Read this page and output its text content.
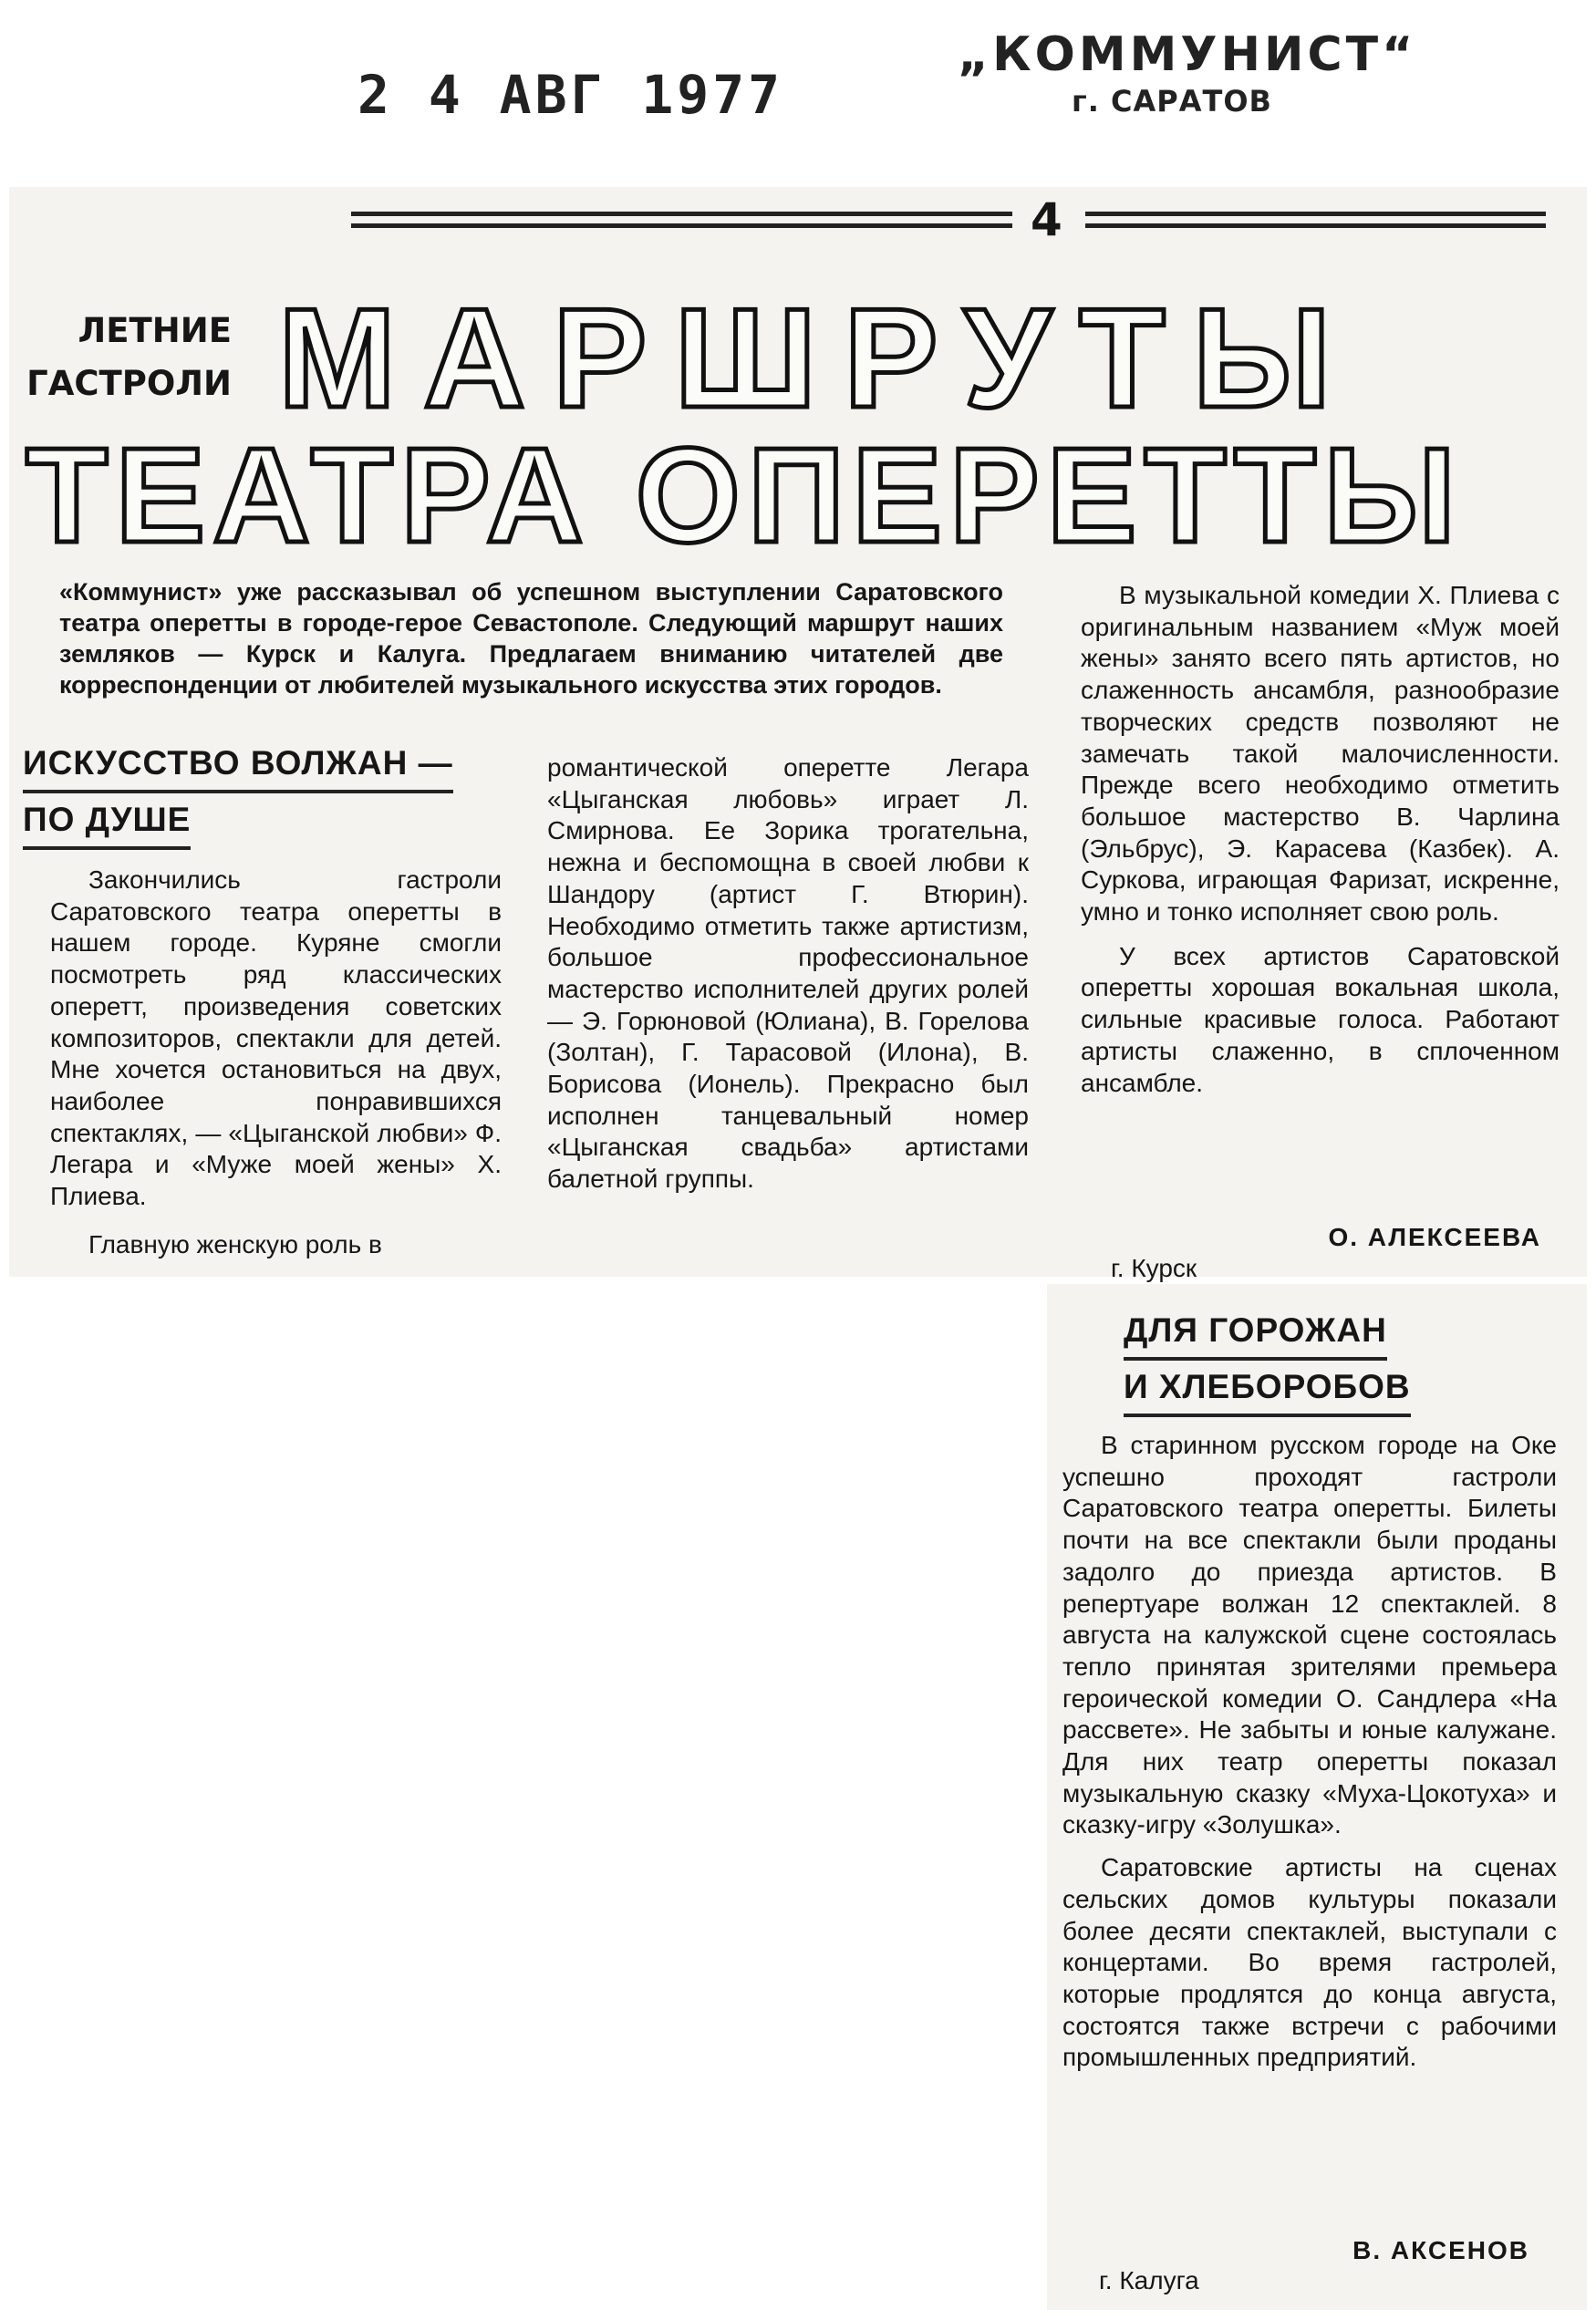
2 4 АВГ 1977
„КОММУНИСТ“
г. САРАТОВ
4
ЛЕТНИЕ
ГАСТРОЛИ МАРШРУТЫ
ТЕАТРА ОПЕРЕТТЫ
«Коммунист» уже рассказывал об успешном выступлении Саратовского театра оперетты в городе-герое Севастополе. Следующий маршрут наших земляков — Курск и Калуга. Предлагаем вниманию читателей две корреспонденции от любителей музыкального искусства этих городов.
ИСКУССТВО ВОЛЖАН —
ПО ДУШЕ

Закончились гастроли Саратовского театра оперетты в нашем городе. Куряне смогли посмотреть ряд классических оперетт, произведения советских композиторов, спектакли для детей. Мне хочется остановиться на двух, наиболее понравившихся спектаклях, — «Цыганской любви» Ф. Легара и «Муже моей жены» Х. Плиева.

Главную женскую роль в

романтической оперетте Легара «Цыганская любовь» играет Л. Смирнова. Ее Зорика трогательна, нежна и беспомощна в своей любви к Шандору (артист Г. Втюрин). Необходимо отметить также артистизм, большое профессиональное мастерство исполнителей других ролей — Э. Горюновой (Юлиана), В. Горелова (Золтан), Г. Тарасовой (Илона), В. Борисова (Ионель). Прекрасно был исполнен танцевальный номер «Цыганская свадьба» артистами балетной группы.

В музыкальной комедии Х. Плиева с оригинальным названием «Муж моей жены» занято всего пять артистов, но слаженность ансамбля, разнообразие творческих средств позволяют не замечать такой малочисленности. Прежде всего необходимо отметить большое мастерство В. Чарлина (Эльбрус), Э. Карасева (Казбек). А. Суркова, играющая Фаризат, искренне, умно и тонко исполняет свою роль.

У всех артистов Саратовской оперетты хорошая вокальная школа, сильные красивые голоса. Работают артисты слаженно, в сплоченном ансамбле.

О. АЛЕКСЕЕВА
г. Курск
ДЛЯ ГОРОЖАН
И ХЛЕБОРОБОВ

В старинном русском городе на Оке успешно проходят гастроли Саратовского театра оперетты. Билеты почти на все спектакли были проданы задолго до приезда артистов. В репертуаре волжан 12 спектаклей. 8 августа на калужской сцене состоялась тепло принятая зрителями премьера героической комедии О. Сандлера «На рассвете». Не забыты и юные калужане. Для них театр оперетты показал музыкальную сказку «Муха-Цокотуха» и сказку-игру «Золушка».

Саратовские артисты на сценах сельских домов культуры показали более десяти спектаклей, выступали с концертами. Во время гастролей, которые продлятся до конца августа, состоятся также встречи с рабочими промышленных предприятий.

В. АКСЕНОВ
г. Калуга
